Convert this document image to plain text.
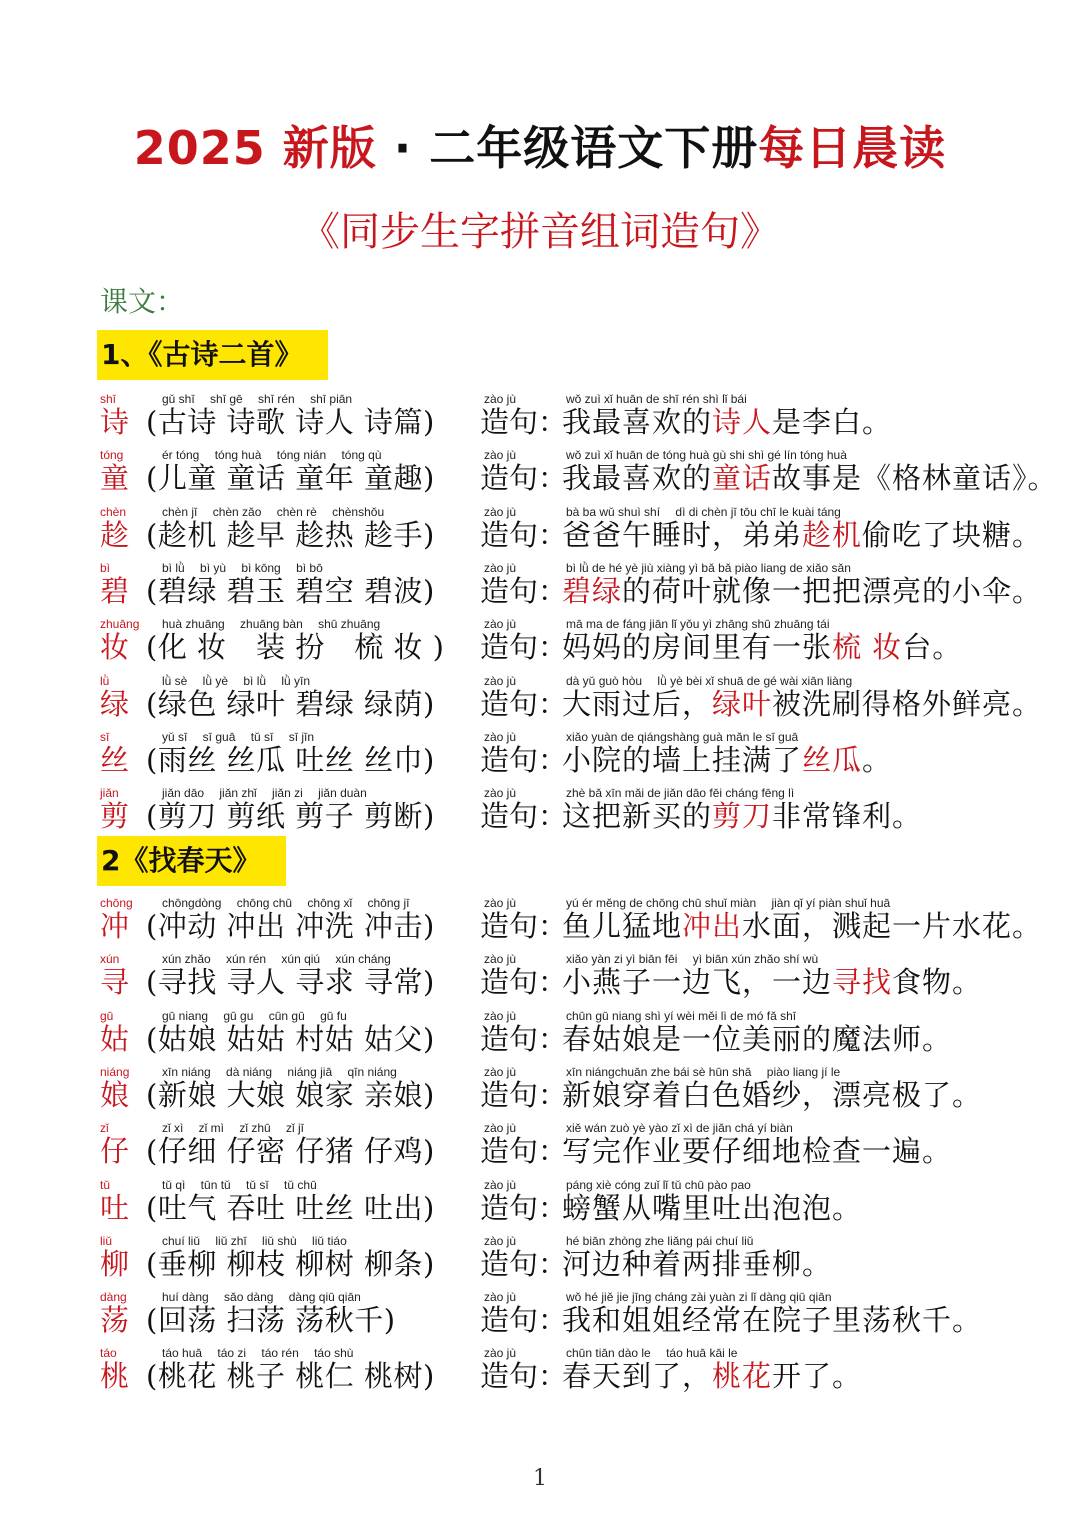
2025 新版 · 二年级语文下册每日晨读
《同步生字拼音组词造句》
课文：
1、《古诗二首》
shī
诗
gǔ shī　 shī gē　 shī rén　 shī piān
(古诗 诗歌 诗人 诗篇)
zào jù
造句：
wǒ zuì xǐ huān de shī rén shì lǐ bái
我最喜欢的诗人是李白。
tóng
童
ér tóng　 tóng huà　 tóng nián　 tóng qù
(儿童 童话 童年 童趣)
zào jù
造句：
wǒ zuì xǐ huān de tóng huà gù shi shì gé lín tóng huà
我最喜欢的童话故事是《格林童话》。
chèn
趁
chèn jī　 chèn zǎo　 chèn rè　 chènshǒu
(趁机 趁早 趁热 趁手)
zào jù
造句：
bà ba wǔ shuì shí　 dì di chèn jī tōu chī le kuài táng
爸爸午睡时，弟弟趁机偷吃了块糖。
bì
碧
bì lǜ　 bì yù　 bì kōng　 bì bō
(碧绿 碧玉 碧空 碧波)
zào jù
造句：
bì lǜ de hé yè jiù xiàng yì bǎ bǎ piào liang de xiǎo sǎn
碧绿的荷叶就像一把把漂亮的小伞。
zhuāng
妆
huà zhuāng　 zhuāng bàn　 shū zhuāng
(化 妆　装 扮　梳 妆 )
zào jù
造句：
mā ma de fáng jiān lǐ yǒu yì zhāng shū zhuāng tái
妈妈的房间里有一张梳 妆台。
lǜ
绿
lǜ sè　 lǜ yè　 bì lǜ　 lǜ yīn
(绿色 绿叶 碧绿 绿荫)
zào jù
造句：
dà yǔ guò hòu　 lǜ yè bèi xǐ shuā de gé wài xiān liàng
大雨过后，绿叶被洗刷得格外鲜亮。
sī
丝
yǔ sī　 sī guā　 tǔ sī　 sī jīn
(雨丝 丝瓜 吐丝 丝巾)
zào jù
造句：
xiǎo yuàn de qiángshàng guà mǎn le sī guā
小院的墙上挂满了丝瓜。
jiǎn
剪
jiǎn dāo　 jiǎn zhǐ　 jiǎn zi　 jiǎn duàn
(剪刀 剪纸 剪子 剪断)
zào jù
造句：
zhè bǎ xīn mǎi de jiǎn dāo fēi cháng fēng lì
这把新买的剪刀非常锋利。
2《找春天》
chōng
冲
chōngdòng　 chōng chū　 chōng xǐ　 chōng jī
(冲动 冲出 冲洗 冲击)
zào jù
造句：
yú ér měng de chōng chū shuǐ miàn　 jiàn qǐ yí piàn shuǐ huā
鱼儿猛地冲出水面，溅起一片水花。
xún
寻
xún zhǎo　 xún rén　 xún qiú　 xún cháng
(寻找 寻人 寻求 寻常)
zào jù
造句：
xiǎo yàn zi yì biān fēi　 yì biān xún zhǎo shí wù
小燕子一边飞，一边寻找食物。
gū
姑
gū niang　 gū gu　 cūn gū　 gū fu
(姑娘 姑姑 村姑 姑父)
zào jù
造句：
chūn gū niang shì yí wèi měi lì de mó fǎ shī
春姑娘是一位美丽的魔法师。
niáng
娘
xīn niáng　 dà niáng　 niáng jiā　 qīn niáng
(新娘 大娘 娘家 亲娘)
zào jù
造句：
xīn niángchuān zhe bái sè hūn shā　 piào liang jí le
新娘穿着白色婚纱，漂亮极了。
zǐ
仔
zǐ xì　 zǐ mì　 zǐ zhū　 zǐ jī
(仔细 仔密 仔猪 仔鸡)
zào jù
造句：
xiě wán zuò yè yào zǐ xì de jiǎn chá yí biàn
写完作业要仔细地检查一遍。
tǔ
吐
tǔ qì　 tūn tǔ　 tǔ sī　 tǔ chū
(吐气 吞吐 吐丝 吐出)
zào jù
造句：
páng xiè cóng zuǐ lǐ tǔ chū pào pao
螃蟹从嘴里吐出泡泡。
liǔ
柳
chuí liǔ　 liǔ zhī　 liǔ shù　 liǔ tiáo
(垂柳 柳枝 柳树 柳条)
zào jù
造句：
hé biān zhòng zhe liǎng pái chuí liǔ
河边种着两排垂柳。
dàng
荡
huí dàng　 sǎo dàng　 dàng qiū qiān
(回荡 扫荡 荡秋千)
zào jù
造句：
wǒ hé jiě jie jīng cháng zài yuàn zi lǐ dàng qiū qiān
我和姐姐经常在院子里荡秋千。
táo
桃
táo huā　 táo zi　 táo rén　 táo shù
(桃花 桃子 桃仁 桃树)
zào jù
造句：
chūn tiān dào le　 táo huā kāi le
春天到了，桃花开了。
1
